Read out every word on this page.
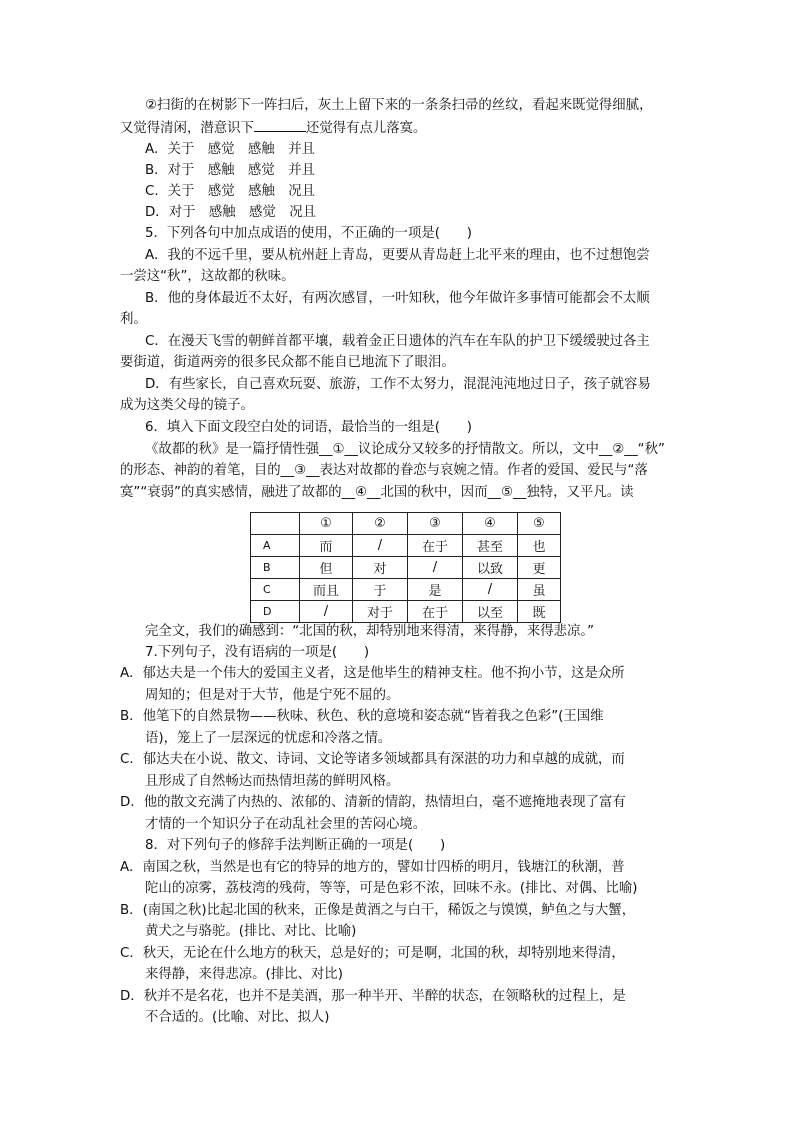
②扫街的在树影下一阵扫后，灰土上留下来的一条条扫帚的丝纹，看起来既觉得细腻，
又觉得清闲，潜意识下	还觉得有点儿落寞。
A．关于　感觉　感触　并且
B．对于　感触　感觉　并且
C．关于　感觉　感触　况且
D．对于　感触　感觉　况且
5．下列各句中加点成语的使用，不正确的一项是(　　)
A．我的不远千里，要从杭州赶上青岛，更要从青岛赶上北平来的理由，也不过想饱尝
一尝这“秋”，这故都的秋味。
B．他的身体最近不太好，有两次感冒，一叶知秋，他今年做许多事情可能都会不太顺
利。
C．在漫天飞雪的朝鲜首都平壤，载着金正日遗体的汽车在车队的护卫下缓缓驶过各主
要街道，街道两旁的很多民众都不能自已地流下了眼泪。
D．有些家长，自己喜欢玩耍、旅游，工作不太努力，混混沌沌地过日子，孩子就容易
成为这类父母的镜子。
6．填入下面文段空白处的词语，最恰当的一组是(　　)
《故都的秋》是一篇抒情性强__①__议论成分又较多的抒情散文。所以，文中__②__“秋”
的形态、神韵的着笔，目的__③__表达对故都的眷恋与哀婉之情。作者的爱国、爱民与“落
寞”“衰弱”的真实感情，融进了故都的__④__北国的秋中，因而__⑤__独特，又平凡。读
	①	②	③	④	⑤
A	而	/	在于	甚至	也
B	但	对	/	以致	更
C	而且	于	是	/	虽
D	/	对于	在于	以至	既
完全文，我们的确感到：“北国的秋，却特别地来得清，来得静，来得悲凉。”
7.下列句子，没有语病的一项是(　　)
A．郁达夫是一个伟大的爱国主义者，这是他毕生的精神支柱。他不拘小节，这是众所
周知的；但是对于大节，他是宁死不屈的。
B．他笔下的自然景物——秋味、秋色、秋的意境和姿态就“皆着我之色彩”(王国维
语)，笼上了一层深远的忧虑和冷落之情。
C．郁达夫在小说、散文、诗词、文论等诸多领域都具有深湛的功力和卓越的成就，而
且形成了自然畅达而热情坦荡的鲜明风格。
D．他的散文充满了内热的、浓郁的、清新的情韵，热情坦白，毫不遮掩地表现了富有
才情的一个知识分子在动乱社会里的苦闷心境。
8．对下列句子的修辞手法判断正确的一项是(　　)
A．南国之秋，当然是也有它的特异的地方的，譬如廿四桥的明月，钱塘江的秋潮，普
陀山的凉雾，荔枝湾的残荷，等等，可是色彩不浓，回味不永。(排比、对偶、比喻)
B．(南国之秋)比起北国的秋来，正像是黄酒之与白干，稀饭之与馍馍，鲈鱼之与大蟹，
黄犬之与骆驼。(排比、对比、比喻)
C．秋天，无论在什么地方的秋天，总是好的；可是啊，北国的秋，却特别地来得清，
来得静，来得悲凉。(排比、对比)
D．秋并不是名花，也并不是美酒，那一种半开、半醉的状态，在领略秋的过程上，是
不合适的。(比喻、对比、拟人)
